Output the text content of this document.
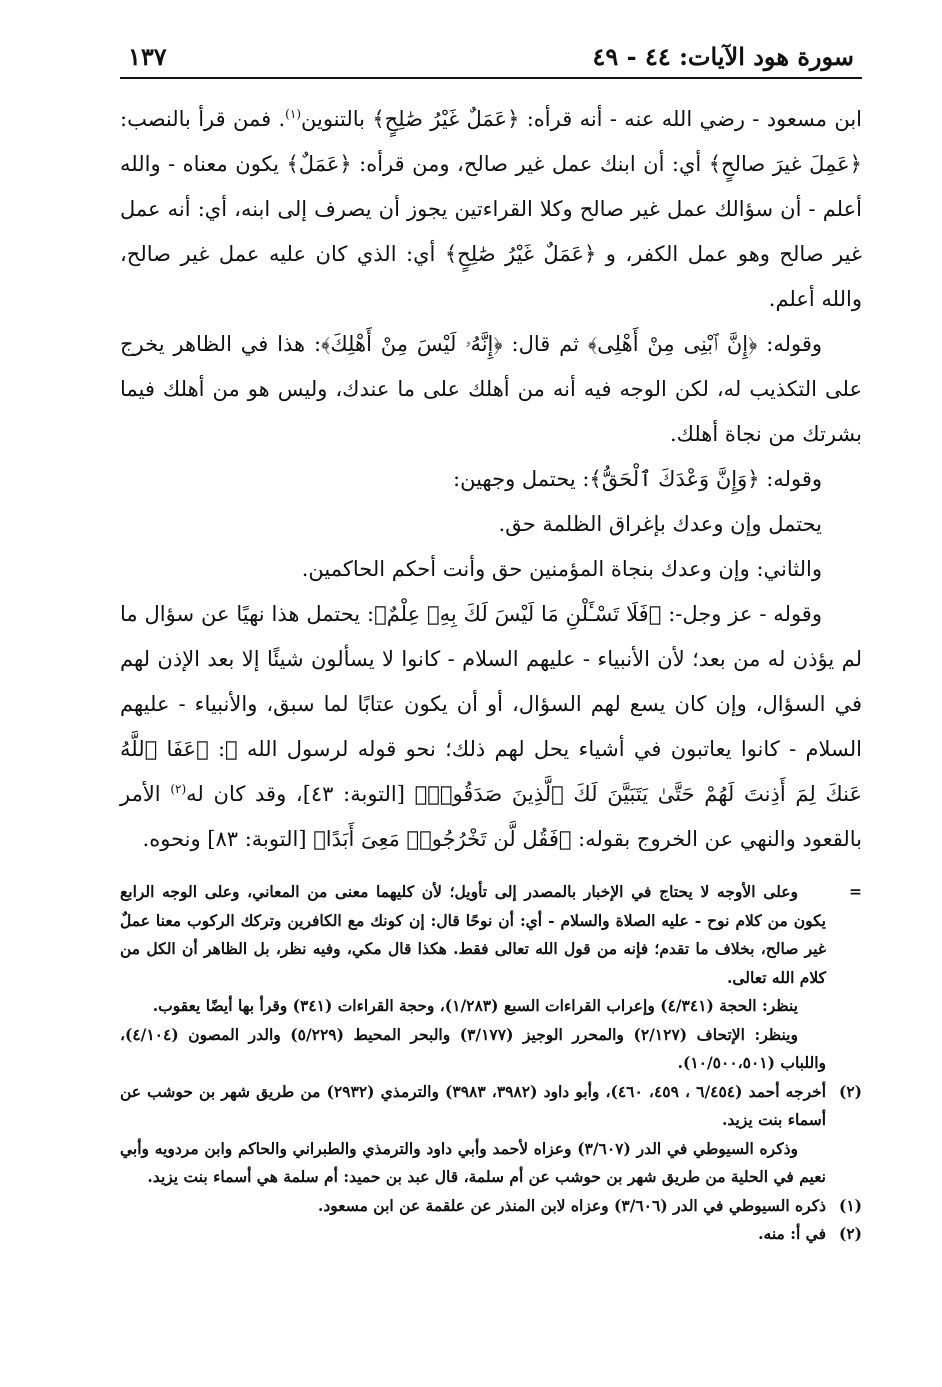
سورة هود الآيات: ٤٤ - ٤٩
١٣٧

ابن مسعود - رضي الله عنه - أنه قرأه: ﴿عَمَلٌ غَيْرُ صَٰلِحٍ﴾ بالتنوين$^{(١)}$. فمن قرأ بالنصب: ﴿عَمِلَ غيرَ صالحٍ﴾ أي: أن ابنك عمل غير صالح، ومن قرأه: ﴿عَمَلٌ﴾ يكون معناه - والله أعلم - أن سؤالك عمل غير صالح وكلا القراءتين يجوز أن يصرف إلى ابنه، أي: أنه عمل غير صالح وهو عمل الكفر، و ﴿عَمَلٌ غَيْرُ صَٰلِحٍ﴾ أي: الذي كان عليه عمل غير صالح، والله أعلم.

وقوله: ﴿إِنَّ ٱبْنِى مِنْ أَهْلِى﴾ ثم قال: ﴿إِنَّهُۥ لَيْسَ مِنْ أَهْلِكَ﴾: هذا في الظاهر يخرج على التكذيب له، لكن الوجه فيه أنه من أهلك على ما عندك، وليس هو من أهلك فيما بشرتك من نجاة أهلك.

وقوله: ﴿وَإِنَّ وَعْدَكَ ٱلْحَقُّ﴾: يحتمل وجهين:

يحتمل وإن وعدك بإغراق الظلمة حق.

والثاني: وإن وعدك بنجاة المؤمنين حق وأنت أحكم الحاكمين.

وقوله - عز وجل-: ﴿فَلَا تَسْـَٔلْنِ مَا لَيْسَ لَكَ بِهِۦ عِلْمٌ﴾: يحتمل هذا نهيًا عن سؤال ما لم يؤذن له من بعد؛ لأن الأنبياء - عليهم السلام - كانوا لا يسألون شيئًا إلا بعد الإذن لهم في السؤال، وإن كان يسع لهم السؤال، أو أن يكون عتابًا لما سبق، والأنبياء - عليهم السلام - كانوا يعاتبون في أشياء يحل لهم ذلك؛ نحو قوله لرسول الله ﷺ: ﴿عَفَا ٱللَّهُ عَنكَ لِمَ أَذِنتَ لَهُمْ حَتَّىٰ يَتَبَيَّنَ لَكَ ٱلَّذِينَ صَدَقُوا۟﴾ [التوبة: ٤٣]، وقد كان له$^{(٢)}$ الأمر بالقعود والنهي عن الخروج بقوله: ﴿فَقُل لَّن تَخْرُجُوا۟ مَعِىَ أَبَدًا﴾ [التوبة: ٨٣] ونحوه.

=

وعلى الأوجه لا يحتاج في الإخبار بالمصدر إلى تأويل؛ لأن كليهما معنى من المعاني، وعلى الوجه الرابع يكون من كلام نوح - عليه الصلاة والسلام - أي: أن نوحًا قال: إن كونك مع الكافرين وتركك الركوب معنا عملٌ غير صالح، بخلاف ما تقدم؛ فإنه من قول الله تعالى فقط. هكذا قال مكي، وفيه نظر، بل الظاهر أن الكل من كلام الله تعالى.

ينظر: الحجة (٤/٣٤١) وإعراب القراءات السبع (١/٢٨٣)، وحجة القراءات (٣٤١) وقرأ بها أيضًا يعقوب.

وينظر: الإتحاف (٢/١٢٧) والمحرر الوجيز (٣/١٧٧) والبحر المحيط (٥/٢٢٩) والدر المصون (٤/١٠٤)، واللباب (١٠/٥٠٠،٥٠١).

(٢)

أخرجه أحمد (٦/٤٥٤ ، ٤٥٩، ٤٦٠)، وأبو داود (٣٩٨٢، ٣٩٨٣) والترمذي (٢٩٣٢) من طريق شهر بن حوشب عن أسماء بنت يزيد.

وذكره السيوطي في الدر (٣/٦٠٧) وعزاه لأحمد وأبي داود والترمذي والطبراني والحاكم وابن مردويه وأبي نعيم في الحلية من طريق شهر بن حوشب عن أم سلمة، قال عبد بن حميد: أم سلمة هي أسماء بنت يزيد.

(١)

ذكره السيوطي في الدر (٣/٦٠٦) وعزاه لابن المنذر عن علقمة عن ابن مسعود.

(٢)

في أ: منه.
